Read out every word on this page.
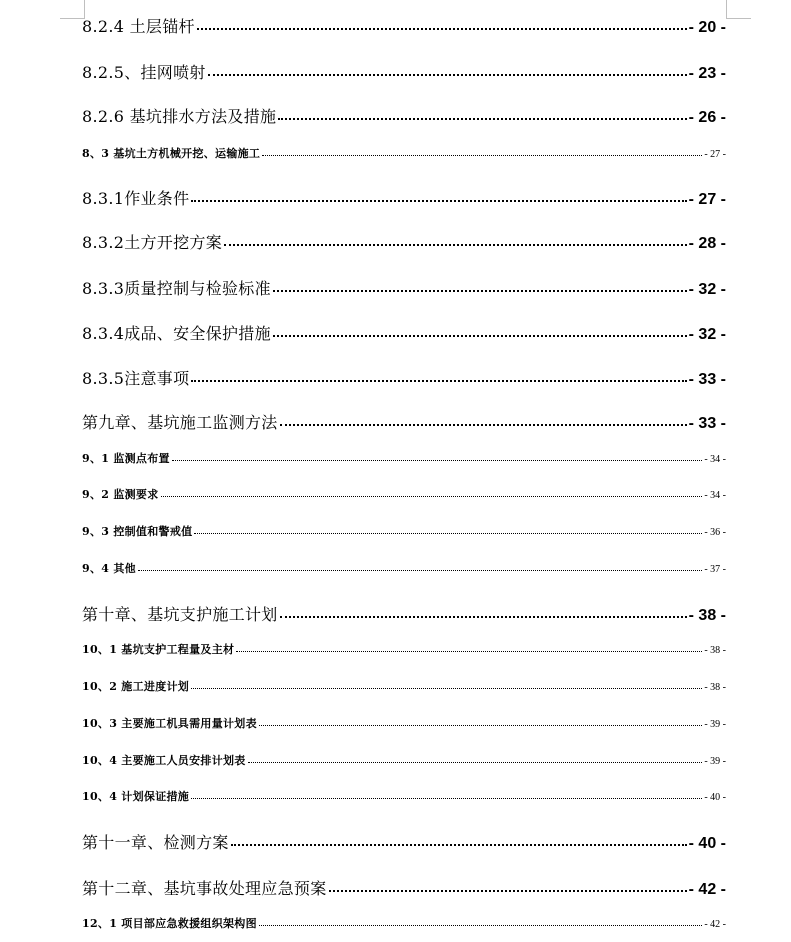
8.2.4 土层锚杆	- 20 -
8.2.5、挂网喷射	- 23 -
8.2.6 基坑排水方法及措施	- 26 -
8、3 基坑土方机械开挖、运输施工	- 27 -
8.3.1作业条件	- 27 -
8.3.2土方开挖方案	- 28 -
8.3.3质量控制与检验标准	- 32 -
8.3.4成品、安全保护措施	- 32 -
8.3.5注意事项	- 33 -
第九章、基坑施工监测方法	- 33 -
9、1 监测点布置	- 34 -
9、2 监测要求	- 34 -
9、3 控制值和警戒值	- 36 -
9、4 其他	- 37 -
第十章、基坑支护施工计划	- 38 -
10、1 基坑支护工程量及主材	- 38 -
10、2 施工进度计划	- 38 -
10、3 主要施工机具需用量计划表	- 39 -
10、4 主要施工人员安排计划表	- 39 -
10、4 计划保证措施	- 40 -
第十一章、检测方案	- 40 -
第十二章、基坑事故处理应急预案	- 42 -
12、1 项目部应急救援组织架构图	- 42 -
